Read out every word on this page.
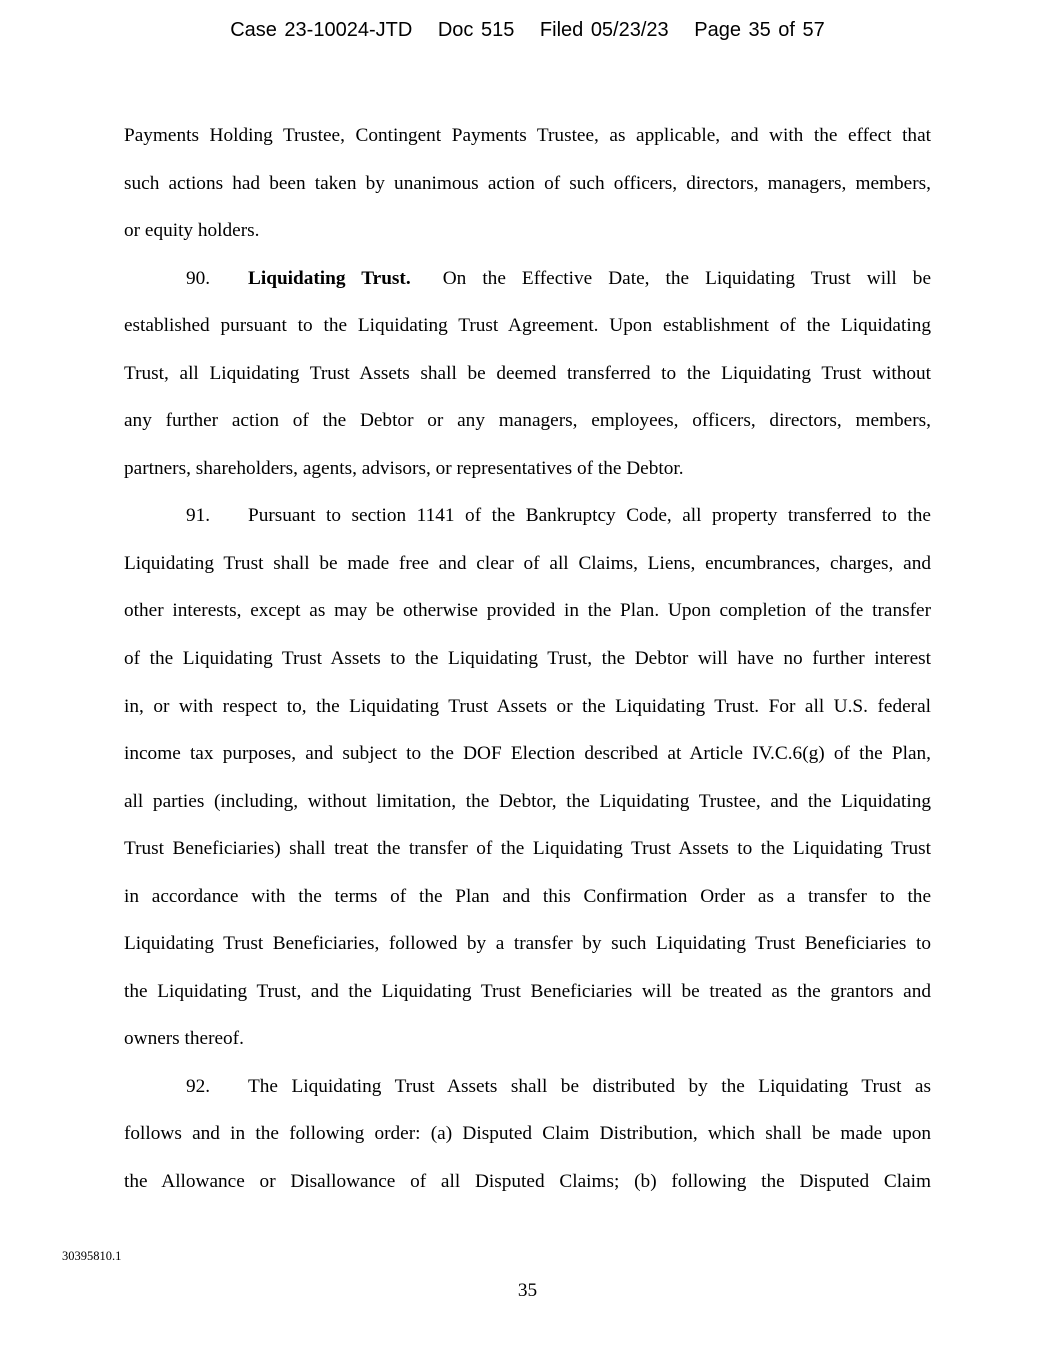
Case 23-10024-JTD Doc 515 Filed 05/23/23 Page 35 of 57
Payments Holding Trustee, Contingent Payments Trustee, as applicable, and with the effect that
such actions had been taken by unanimous action of such officers, directors, managers, members,
or equity holders.
90. Liquidating Trust. On the Effective Date, the Liquidating Trust will be
established pursuant to the Liquidating Trust Agreement. Upon establishment of the Liquidating
Trust, all Liquidating Trust Assets shall be deemed transferred to the Liquidating Trust without
any further action of the Debtor or any managers, employees, officers, directors, members,
partners, shareholders, agents, advisors, or representatives of the Debtor.
91. Pursuant to section 1141 of the Bankruptcy Code, all property transferred to the
Liquidating Trust shall be made free and clear of all Claims, Liens, encumbrances, charges, and
other interests, except as may be otherwise provided in the Plan. Upon completion of the transfer
of the Liquidating Trust Assets to the Liquidating Trust, the Debtor will have no further interest
in, or with respect to, the Liquidating Trust Assets or the Liquidating Trust. For all U.S. federal
income tax purposes, and subject to the DOF Election described at Article IV.C.6(g) of the Plan,
all parties (including, without limitation, the Debtor, the Liquidating Trustee, and the Liquidating
Trust Beneficiaries) shall treat the transfer of the Liquidating Trust Assets to the Liquidating Trust
in accordance with the terms of the Plan and this Confirmation Order as a transfer to the
Liquidating Trust Beneficiaries, followed by a transfer by such Liquidating Trust Beneficiaries to
the Liquidating Trust, and the Liquidating Trust Beneficiaries will be treated as the grantors and
owners thereof.
92. The Liquidating Trust Assets shall be distributed by the Liquidating Trust as
follows and in the following order: (a) Disputed Claim Distribution, which shall be made upon
the Allowance or Disallowance of all Disputed Claims; (b) following the Disputed Claim
30395810.1
35
